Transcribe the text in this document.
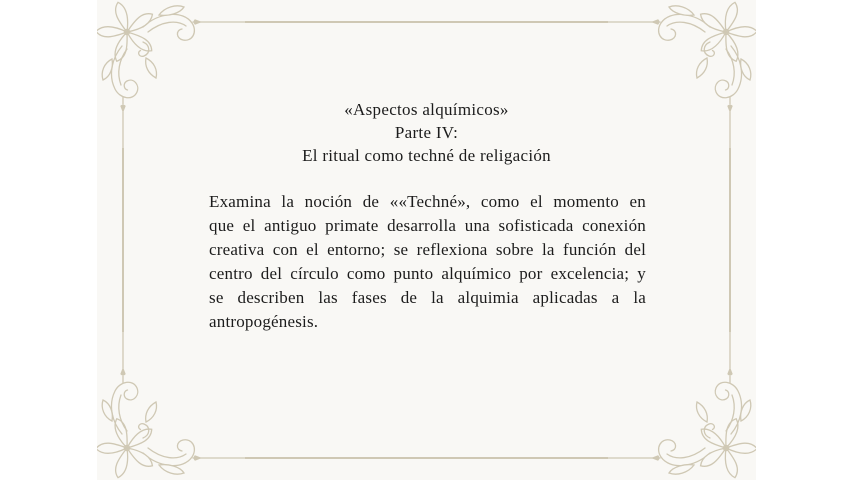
«Aspectos alquímicos»
Parte IV:
El ritual como techné de religación
Examina la noción de ««Techné», como el momento en
que el antiguo primate desarrolla una sofisticada conexión
creativa con el entorno; se reflexiona sobre la función del
centro del círculo como punto alquímico por excelencia; y
se describen las fases de la alquimia aplicadas a la
antropogénesis.
